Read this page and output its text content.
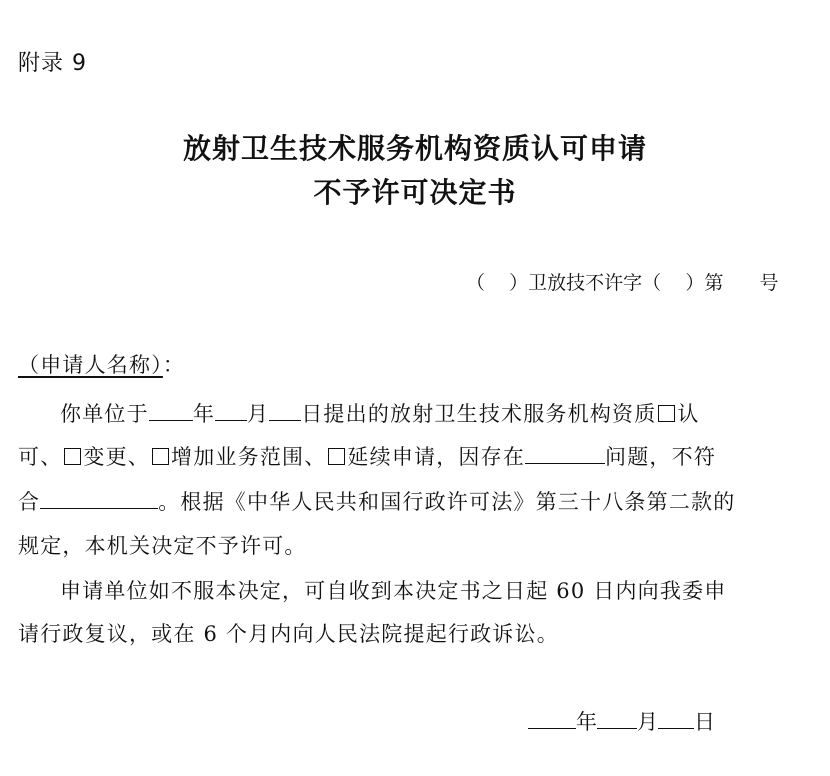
附录 9
放射卫生技术服务机构资质认可申请
不予许可决定书
（    ）卫放技不许字（    ）第      号
（申请人名称）：
你单位于 年 月 日提出的放射卫生技术服务机构资质 认
可、 变更、 增加业务范围、 延续申请，因存在	问题，不符
合	。根据《中华人民共和国行政许可法》第三十八条第二款的
规定，本机关决定不予许可。
申请单位如不服本决定，可自收到本决定书之日起 60 日内向我委申
请行政复议，或在 6 个月内向人民法院提起行政诉讼。
年 月 日
